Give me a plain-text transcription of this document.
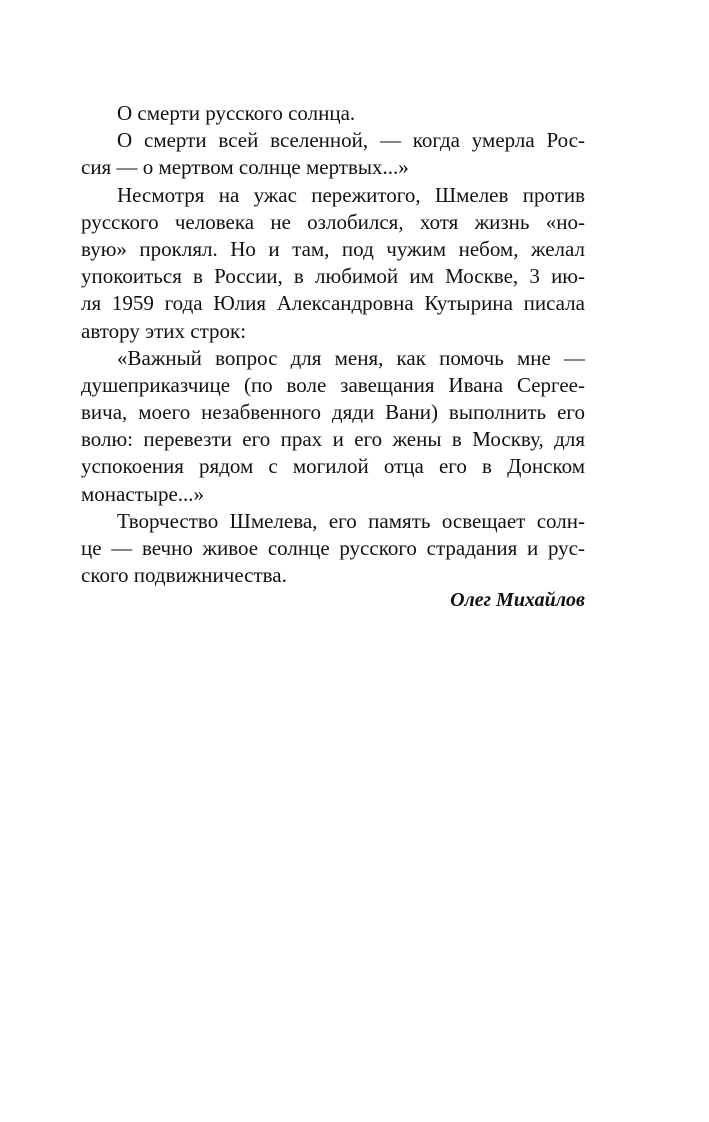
О смерти русского солнца.
О смерти всей вселенной, — когда умерла Рос-
сия — о мертвом солнце мертвых...»
Несмотря на ужас пережитого, Шмелев против
русского человека не озлобился, хотя жизнь «но-
вую» проклял. Но и там, под чужим небом, желал
упокоиться в России, в любимой им Москве, 3 ию-
ля 1959 года Юлия Александровна Кутырина писала
автору этих строк:
«Важный вопрос для меня, как помочь мне —
душеприказчице (по воле завещания Ивана Сергее-
вича, моего незабвенного дяди Вани) выполнить его
волю: перевезти его прах и его жены в Москву, для
успокоения рядом с могилой отца его в Донском
монастыре...»
Творчество Шмелева, его память освещает солн-
це — вечно живое солнце русского страдания и рус-
ского подвижничества.
Олег Михайлов
